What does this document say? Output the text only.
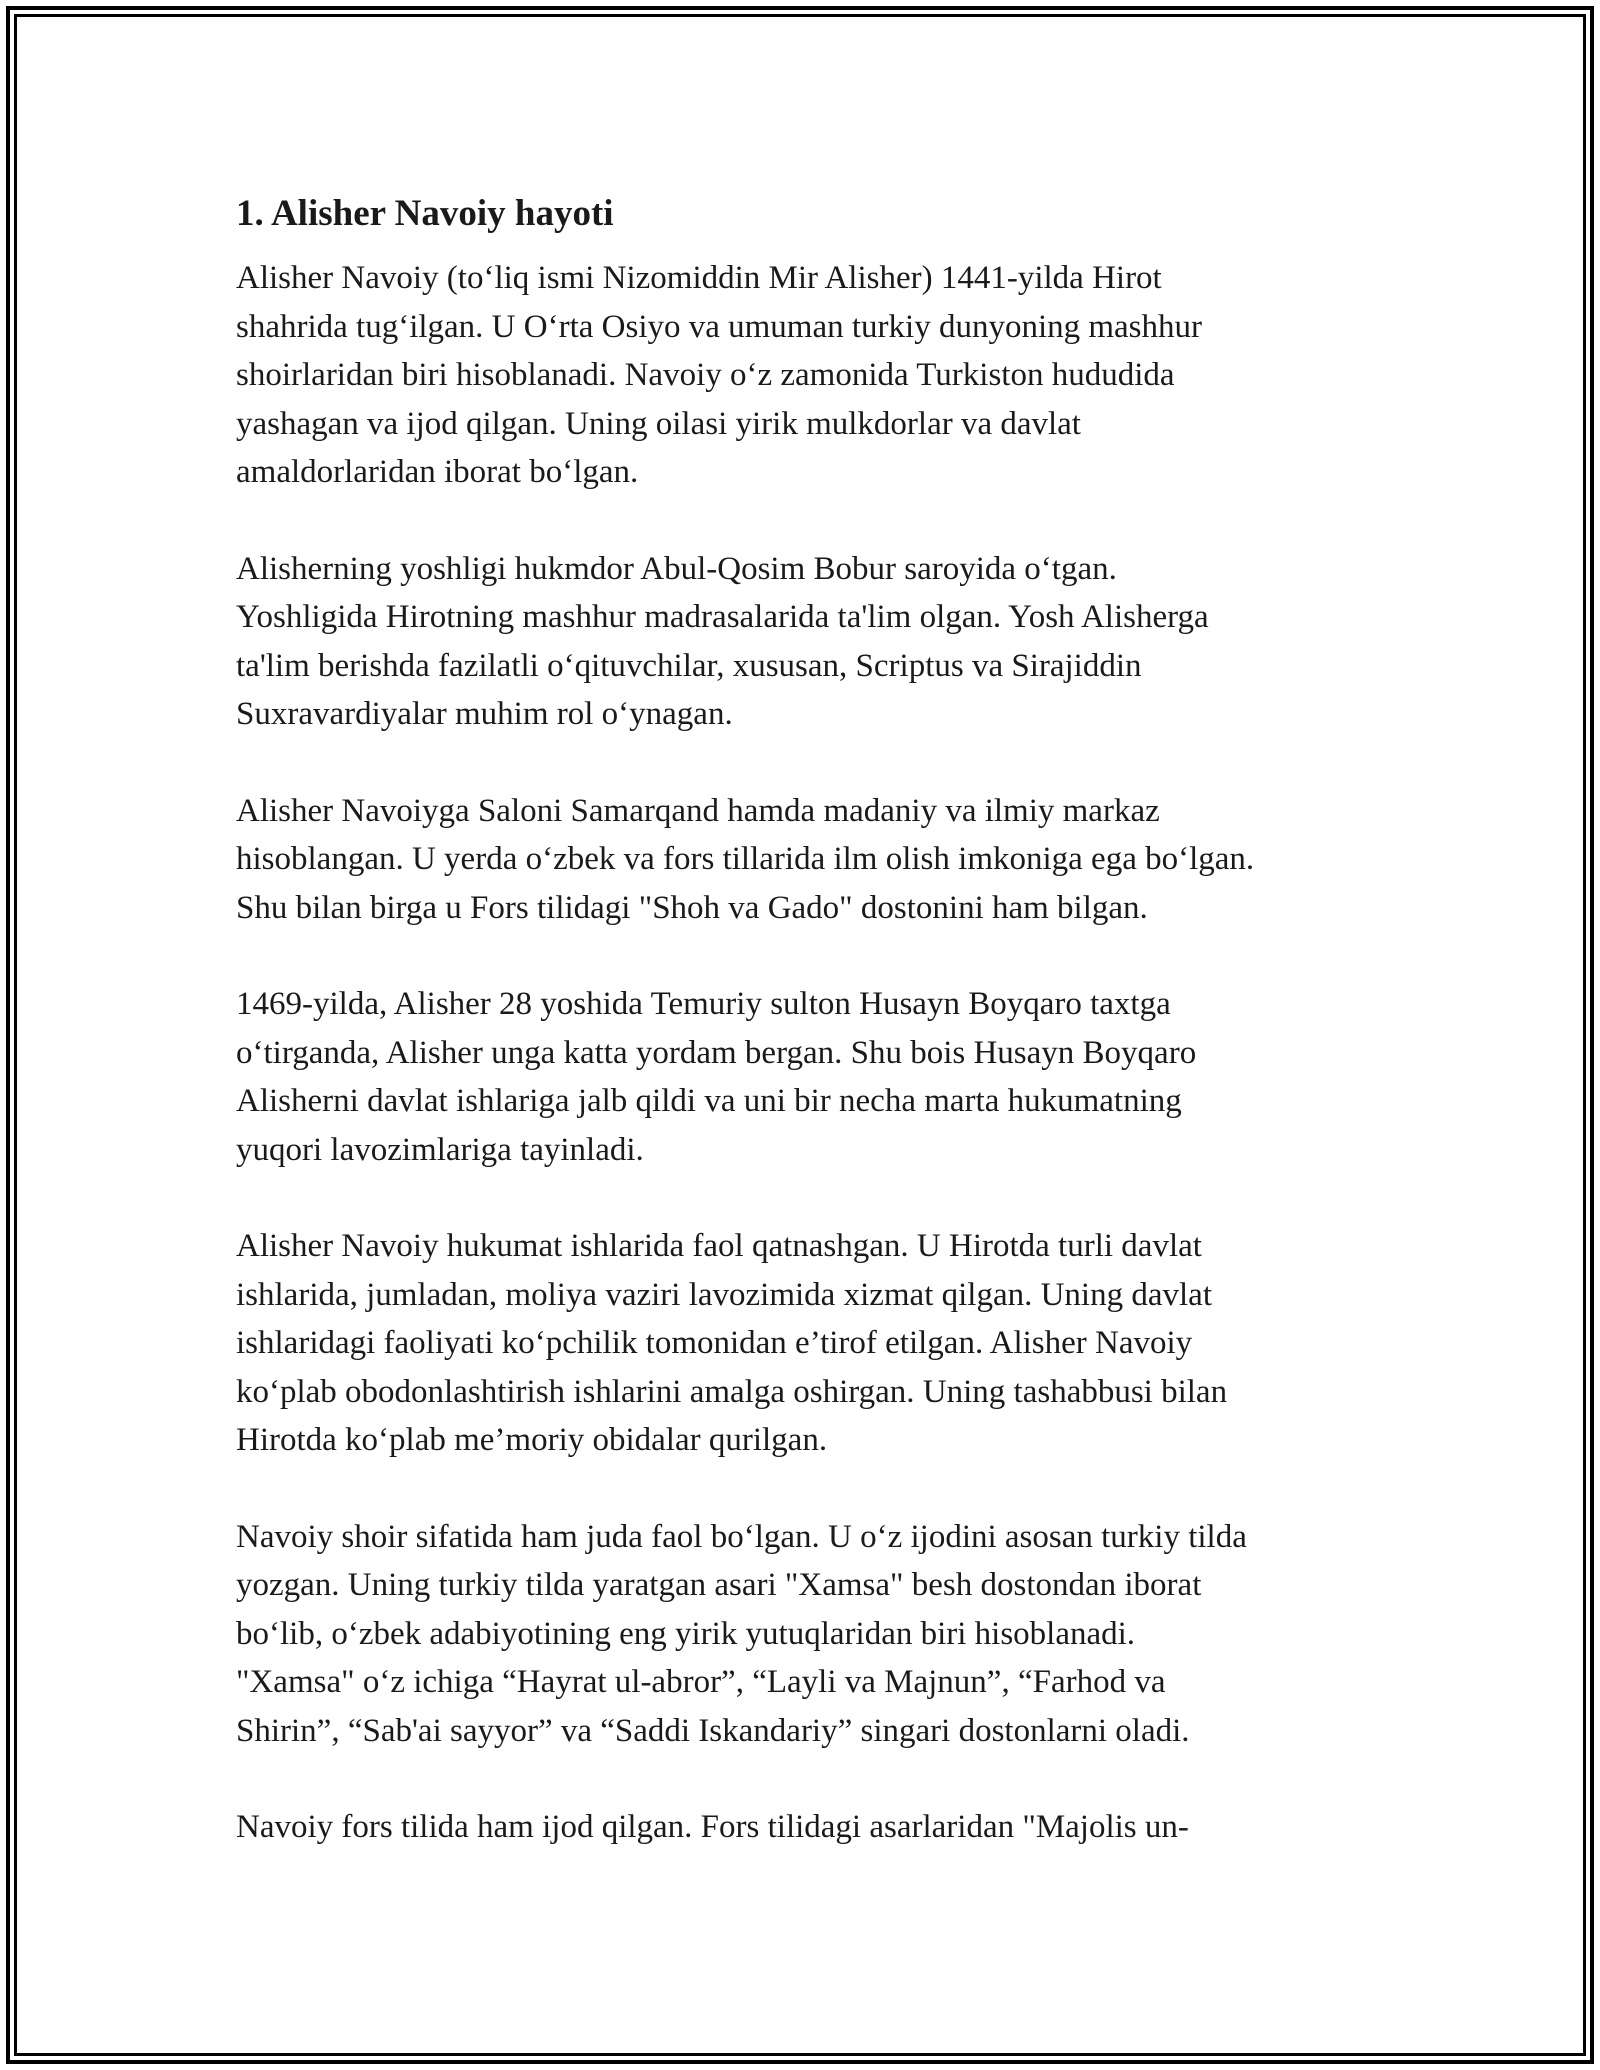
1. Alisher Navoiy hayoti

Alisher Navoiy (to‘liq ismi Nizomiddin Mir Alisher) 1441-yilda Hirot
shahrida tug‘ilgan. U O‘rta Osiyo va umuman turkiy dunyoning mashhur
shoirlaridan biri hisoblanadi. Navoiy o‘z zamonida Turkiston hududida
yashagan va ijod qilgan. Uning oilasi yirik mulkdorlar va davlat
amaldorlaridan iborat bo‘lgan.

Alisherning yoshligi hukmdor Abul-Qosim Bobur saroyida o‘tgan.
Yoshligida Hirotning mashhur madrasalarida ta'lim olgan. Yosh Alisherga
ta'lim berishda fazilatli o‘qituvchilar, xususan, Scriptus va Sirajiddin
Suxravardiyalar muhim rol o‘ynagan.

Alisher Navoiyga Saloni Samarqand hamda madaniy va ilmiy markaz
hisoblangan. U yerda o‘zbek va fors tillarida ilm olish imkoniga ega bo‘lgan.
Shu bilan birga u Fors tilidagi "Shoh va Gado" dostonini ham bilgan.

1469-yilda, Alisher 28 yoshida Temuriy sulton Husayn Boyqaro taxtga
o‘tirganda, Alisher unga katta yordam bergan. Shu bois Husayn Boyqaro
Alisherni davlat ishlariga jalb qildi va uni bir necha marta hukumatning
yuqori lavozimlariga tayinladi.

Alisher Navoiy hukumat ishlarida faol qatnashgan. U Hirotda turli davlat
ishlarida, jumladan, moliya vaziri lavozimida xizmat qilgan. Uning davlat
ishlaridagi faoliyati ko‘pchilik tomonidan e’tirof etilgan. Alisher Navoiy
ko‘plab obodonlashtirish ishlarini amalga oshirgan. Uning tashabbusi bilan
Hirotda ko‘plab me’moriy obidalar qurilgan.

Navoiy shoir sifatida ham juda faol bo‘lgan. U o‘z ijodini asosan turkiy tilda
yozgan. Uning turkiy tilda yaratgan asari "Xamsa" besh dostondan iborat
bo‘lib, o‘zbek adabiyotining eng yirik yutuqlaridan biri hisoblanadi.
"Xamsa" o‘z ichiga “Hayrat ul-abror”, “Layli va Majnun”, “Farhod va
Shirin”, “Sab'ai sayyor” va “Saddi Iskandariy” singari dostonlarni oladi.

Navoiy fors tilida ham ijod qilgan. Fors tilidagi asarlaridan "Majolis un-
